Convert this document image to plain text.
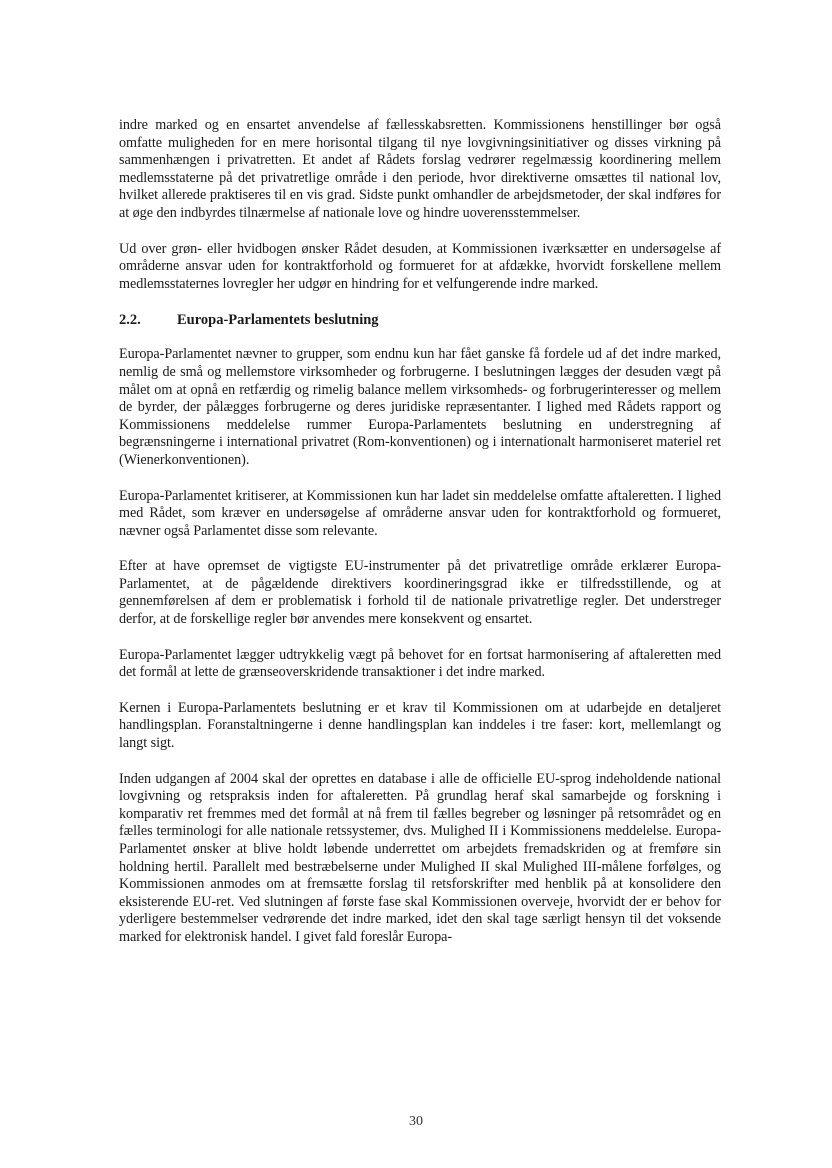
indre marked og en ensartet anvendelse af fællesskabsretten. Kommissionens henstillinger bør også omfatte muligheden for en mere horisontal tilgang til nye lovgivningsinitiativer og disses virkning på sammenhængen i privatretten. Et andet af Rådets forslag vedrører regelmæssig koordinering mellem medlemsstaterne på det privatretlige område i den periode, hvor direktiverne omsættes til national lov, hvilket allerede praktiseres til en vis grad. Sidste punkt omhandler de arbejdsmetoder, der skal indføres for at øge den indbyrdes tilnærmelse af nationale love og hindre uoverensstemmelser.

Ud over grøn- eller hvidbogen ønsker Rådet desuden, at Kommissionen iværksætter en undersøgelse af områderne ansvar uden for kontraktforhold og formueret for at afdække, hvorvidt forskellene mellem medlemsstaternes lovregler her udgør en hindring for et velfungerende indre marked.

2.2.	Europa-Parlamentets beslutning

Europa-Parlamentet nævner to grupper, som endnu kun har fået ganske få fordele ud af det indre marked, nemlig de små og mellemstore virksomheder og forbrugerne. I beslutningen lægges der desuden vægt på målet om at opnå en retfærdig og rimelig balance mellem virksomheds- og forbrugerinteresser og mellem de byrder, der pålægges forbrugerne og deres juridiske repræsentanter. I lighed med Rådets rapport og Kommissionens meddelelse rummer Europa-Parlamentets beslutning en understregning af begrænsningerne i international privatret (Rom-konventionen) og i internationalt harmoniseret materiel ret (Wienerkonventionen).

Europa-Parlamentet kritiserer, at Kommissionen kun har ladet sin meddelelse omfatte aftaleretten. I lighed med Rådet, som kræver en undersøgelse af områderne ansvar uden for kontraktforhold og formueret, nævner også Parlamentet disse som relevante.

Efter at have opremset de vigtigste EU-instrumenter på det privatretlige område erklærer Europa-Parlamentet, at de pågældende direktivers koordineringsgrad ikke er tilfredsstillende, og at gennemførelsen af dem er problematisk i forhold til de nationale privatretlige regler. Det understreger derfor, at de forskellige regler bør anvendes mere konsekvent og ensartet.

Europa-Parlamentet lægger udtrykkelig vægt på behovet for en fortsat harmonisering af aftaleretten med det formål at lette de grænseoverskridende transaktioner i det indre marked.

Kernen i Europa-Parlamentets beslutning er et krav til Kommissionen om at udarbejde en detaljeret handlingsplan. Foranstaltningerne i denne handlingsplan kan inddeles i tre faser: kort, mellemlangt og langt sigt.

Inden udgangen af 2004 skal der oprettes en database i alle de officielle EU-sprog indeholdende national lovgivning og retspraksis inden for aftaleretten. På grundlag heraf skal samarbejde og forskning i komparativ ret fremmes med det formål at nå frem til fælles begreber og løsninger på retsområdet og en fælles terminologi for alle nationale retssystemer, dvs. Mulighed II i Kommissionens meddelelse. Europa-Parlamentet ønsker at blive holdt løbende underrettet om arbejdets fremadskriden og at fremføre sin holdning hertil. Parallelt med bestræbelserne under Mulighed II skal Mulighed III-målene forfølges, og Kommissionen anmodes om at fremsætte forslag til retsforskrifter med henblik på at konsolidere den eksisterende EU-ret. Ved slutningen af første fase skal Kommissionen overveje, hvorvidt der er behov for yderligere bestemmelser vedrørende det indre marked, idet den skal tage særligt hensyn til det voksende marked for elektronisk handel. I givet fald foreslår Europa-

30
